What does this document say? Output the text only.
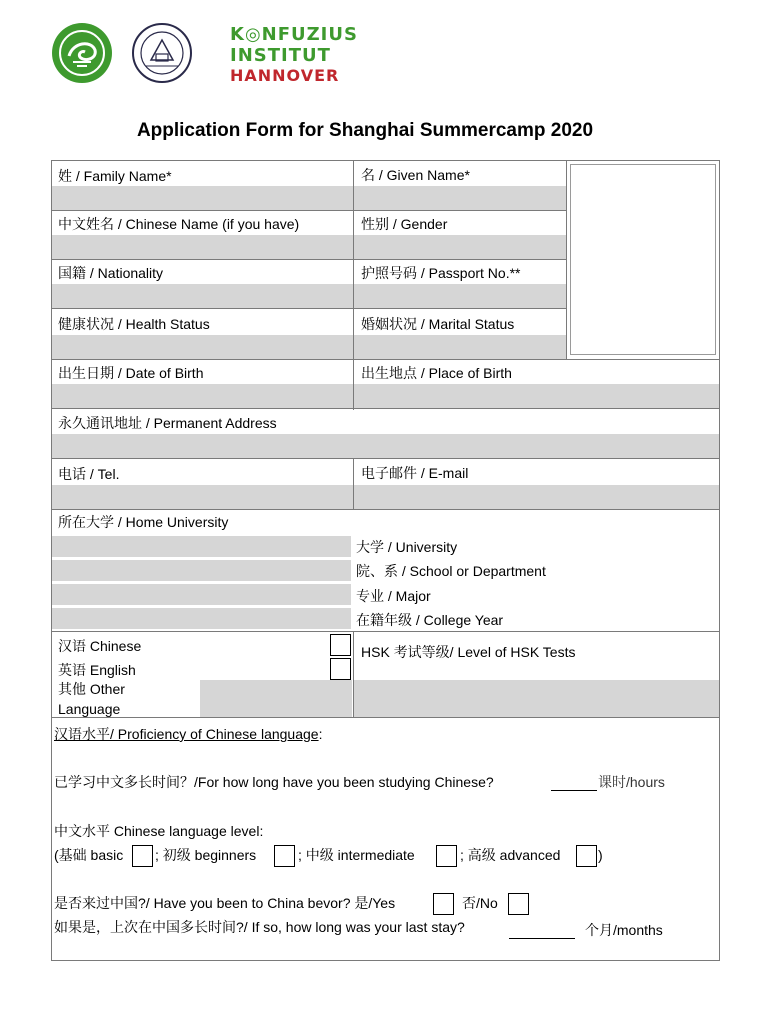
K◎NFUZIUS
INSTITUT
HANNOVER
Application Form for Shanghai Summercamp 2020
姓 / Family Name*	名 / Given Name*
中文姓名 / Chinese Name (if you have)	性别 / Gender
国籍 / Nationality	护照号码 / Passport No.**
健康状况 / Health Status	婚姻状况 / Marital Status
出生日期 / Date of Birth	出生地点 / Place of Birth
永久通讯地址 / Permanent Address
电话 / Tel.	电子邮件 / E-mail
所在大学 / Home University
大学 / University
院、系 / School or Department
专业 / Major
在籍年级 / College Year
汉语 Chinese
英语 English
其他 Other
Language
HSK 考试等级/ Level of HSK Tests
汉语水平/ Proficiency of Chinese language:
已学习中文多长时间？/For how long have you been studying Chinese?	课时/hours
中文水平 Chinese language level:
(基础 basic ; 初级 beginners	; 中级 intermediate	; 高级 advanced	)
是否来过中国?/ Have you been to China bevor? 是/Yes	否/No
如果是，上次在中国多长时间?/ If so, how long was your last stay?	个月/months
